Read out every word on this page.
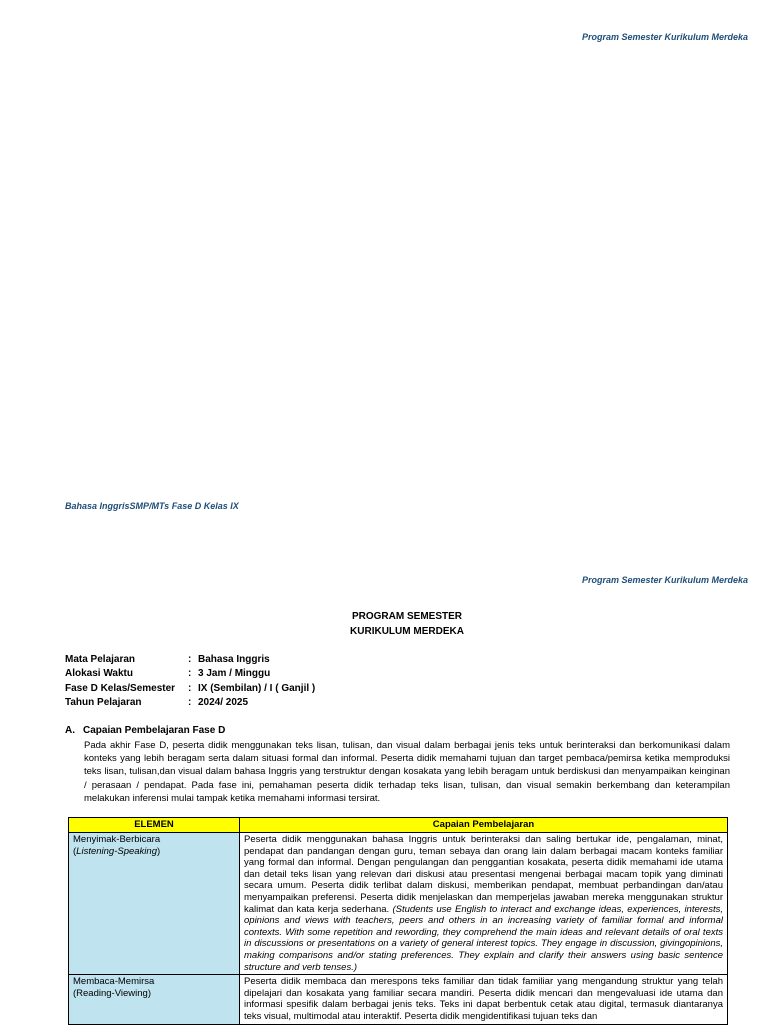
Program Semester Kurikulum Merdeka
Bahasa InggrisSMP/MTs Fase D Kelas IX
Program Semester Kurikulum Merdeka
PROGRAM SEMESTER
KURIKULUM MERDEKA
Mata Pelajaran	:	Bahasa Inggris
Alokasi Waktu	:	3 Jam / Minggu
Fase D Kelas/Semester	:	IX (Sembilan) / I ( Ganjil )
Tahun Pelajaran	:	2024/ 2025
A. Capaian Pembelajaran Fase D

Pada akhir Fase D, peserta didik menggunakan teks lisan, tulisan, dan visual dalam berbagai jenis teks untuk berinteraksi dan berkomunikasi dalam konteks yang lebih beragam serta dalam situasi formal dan informal. Peserta didik memahami tujuan dan target pembaca/pemirsa ketika memproduksi teks lisan, tulisan,dan visual dalam bahasa Inggris yang terstruktur dengan kosakata yang lebih beragam untuk berdiskusi dan menyampaikan keinginan / perasaan / pendapat. Pada fase ini, pemahaman peserta didik terhadap teks lisan, tulisan, dan visual semakin berkembang dan keterampilan melakukan inferensi mulai tampak ketika memahami informasi tersirat.

ELEMEN	Capaian Pembelajaran
Menyimak-Berbicara
(Listening-Speaking)	Peserta didik menggunakan bahasa Inggris untuk berinteraksi dan saling bertukar ide, pengalaman, minat, pendapat dan pandangan dengan guru, teman sebaya dan orang lain dalam berbagai macam konteks familiar yang formal dan informal. Dengan pengulangan dan penggantian kosakata, peserta didik memahami ide utama dan detail teks lisan yang relevan dari diskusi atau presentasi mengenai berbagai macam topik yang diminati secara umum. Peserta didik terlibat dalam diskusi, memberikan pendapat, membuat perbandingan dan/atau menyampaikan preferensi. Peserta didik menjelaskan dan memperjelas jawaban mereka menggunakan struktur kalimat dan kata kerja sederhana. (Students use English to interact and exchange ideas, experiences, interests, opinions and views with teachers, peers and others in an increasing variety of familiar formal and informal contexts. With some repetition and rewording, they comprehend the main ideas and relevant details of oral texts in discussions or presentations on a variety of general interest topics. They engage in discussion, givingopinions, making comparisons and/or stating preferences. They explain and clarify their answers using basic sentence structure and verb tenses.)
Membaca-Memirsa
(Reading-Viewing)	Peserta didik membaca dan merespons teks familiar dan tidak familiar yang mengandung struktur yang telah dipelajari dan kosakata yang familiar secara mandiri. Peserta didik mencari dan mengevaluasi ide utama dan informasi spesifik dalam berbagai jenis teks. Teks ini dapat berbentuk cetak atau digital, termasuk diantaranya teks visual, multimodal atau interaktif. Peserta didik mengidentifikasi tujuan teks dan
